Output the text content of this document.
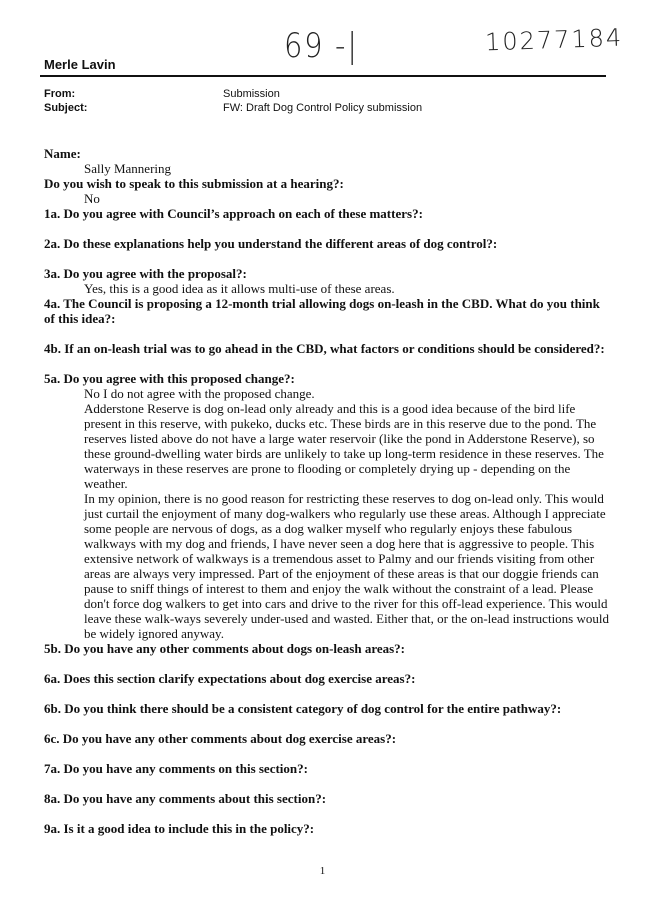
69 -|	10277184
Merle Lavin
From:	Submission
Subject:	FW: Draft Dog Control Policy submission

Name:

Sally Mannering

Do you wish to speak to this submission at a hearing?:

No

1a. Do you agree with Council’s approach on each of these matters?:

2a. Do these explanations help you understand the different areas of dog control?:

3a. Do you agree with the proposal?:

Yes, this is a good idea as it allows multi-use of these areas.

4a. The Council is proposing a 12-month trial allowing dogs on-leash in the CBD. What do you think of this idea?:

4b. If an on-leash trial was to go ahead in the CBD, what factors or conditions should be considered?:

5a. Do you agree with this proposed change?:

No I do not agree with the proposed change.

Adderstone Reserve is dog on-lead only already and this is a good idea because of the bird life present in this reserve, with pukeko, ducks etc. These birds are in this reserve due to the pond. The reserves listed above do not have a large water reservoir (like the pond in Adderstone Reserve), so these ground-dwelling water birds are unlikely to take up long-term residence in these reserves. The waterways in these reserves are prone to flooding or completely drying up - depending on the weather.

In my opinion, there is no good reason for restricting these reserves to dog on-lead only. This would just curtail the enjoyment of many dog-walkers who regularly use these areas. Although I appreciate some people are nervous of dogs, as a dog walker myself who regularly enjoys these fabulous walkways with my dog and friends, I have never seen a dog here that is aggressive to people. This extensive network of walkways is a tremendous asset to Palmy and our friends visiting from other areas are always very impressed. Part of the enjoyment of these areas is that our doggie friends can pause to sniff things of interest to them and enjoy the walk without the constraint of a lead. Please don't force dog walkers to get into cars and drive to the river for this off-lead experience. This would leave these walk-ways severely under-used and wasted. Either that, or the on-lead instructions would be widely ignored anyway.

5b. Do you have any other comments about dogs on-leash areas?:

6a. Does this section clarify expectations about dog exercise areas?:

6b. Do you think there should be a consistent category of dog control for the entire pathway?:

6c. Do you have any other comments about dog exercise areas?:

7a. Do you have any comments on this section?:

8a. Do you have any comments about this section?:

9a. Is it a good idea to include this in the policy?:

1
